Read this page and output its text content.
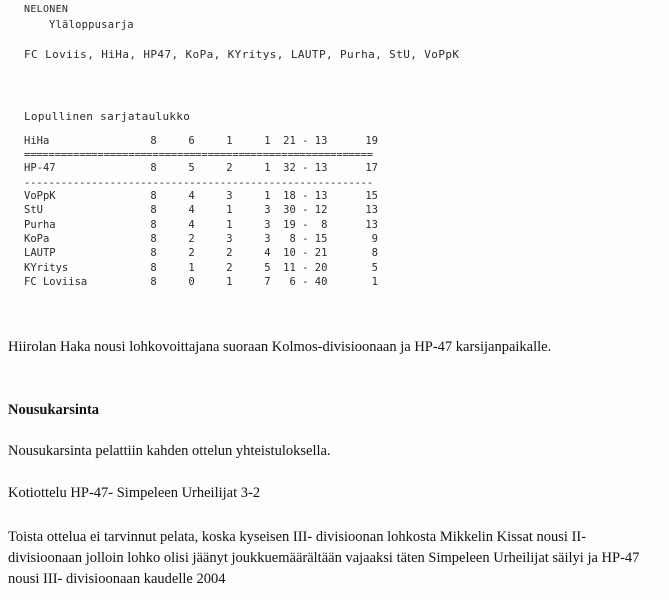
NELONEN
Yläloppusarja
FC Loviis, HiHa, HP47, KoPa, KYritys, LAUTP, Purha, StU, VoPpK
Lopullinen sarjataulukko
HiHa                8     6     1     1  21 - 13      19
=========================================================
HP-47               8     5     2     1  32 - 13      17
---------------------------------------------------------
VoPpK               8     4     3     1  18 - 13      15
StU                 8     4     1     3  30 - 12      13
Purha               8     4     1     3  19 -  8      13
KoPa                8     2     3     3   8 - 15       9
LAUTP               8     2     2     4  10 - 21       8
KYritys             8     1     2     5  11 - 20       5
FC Loviisa          8     0     1     7   6 - 40       1
Hiirolan Haka nousi lohkovoittajana suoraan Kolmos-divisioonaan ja HP-47 karsijanpaikalle.
Nousukarsinta
Nousukarsinta pelattiin kahden ottelun yhteistuloksella.
Kotiottelu HP-47- Simpeleen Urheilijat 3-2
Toista ottelua ei tarvinnut pelata, koska kyseisen III- divisioonan lohkosta Mikkelin Kissat nousi II- divisioonaan jolloin lohko olisi jäänyt joukkuemäärältään vajaaksi täten Simpeleen Urheilijat säilyi ja HP-47 nousi III- divisioonaan kaudelle 2004
